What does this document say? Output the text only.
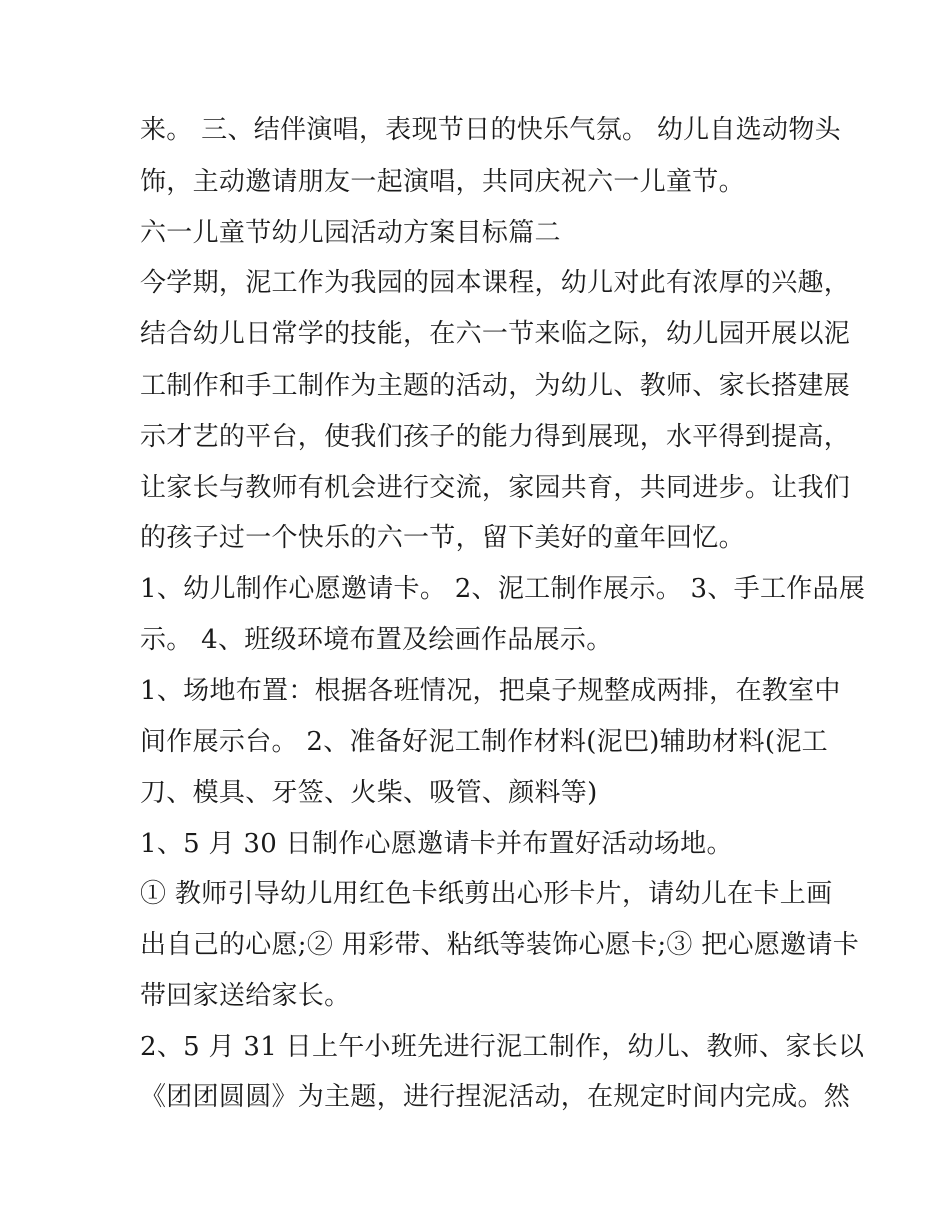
来。 三、结伴演唱，表现节日的快乐气氛。 幼儿自选动物头
饰，主动邀请朋友一起演唱，共同庆祝六一儿童节。
六一儿童节幼儿园活动方案目标篇二
今学期，泥工作为我园的园本课程，幼儿对此有浓厚的兴趣，
结合幼儿日常学的技能，在六一节来临之际，幼儿园开展以泥
工制作和手工制作为主题的活动，为幼儿、教师、家长搭建展
示才艺的平台，使我们孩子的能力得到展现，水平得到提高，
让家长与教师有机会进行交流，家园共育，共同进步。让我们
的孩子过一个快乐的六一节，留下美好的童年回忆。
1、幼儿制作心愿邀请卡。 2、泥工制作展示。 3、手工作品展
示。 4、班级环境布置及绘画作品展示。
1、场地布置：根据各班情况，把桌子规整成两排，在教室中
间作展示台。 2、准备好泥工制作材料(泥巴)辅助材料(泥工
刀、模具、牙签、火柴、吸管、颜料等)
1、5 月 30 日制作心愿邀请卡并布置好活动场地。
① 教师引导幼儿用红色卡纸剪出心形卡片，请幼儿在卡上画
出自己的心愿;② 用彩带、粘纸等装饰心愿卡;③ 把心愿邀请卡
带回家送给家长。
2、5 月 31 日上午小班先进行泥工制作，幼儿、教师、家长以
《团团圆圆》为主题，进行捏泥活动，在规定时间内完成。然
